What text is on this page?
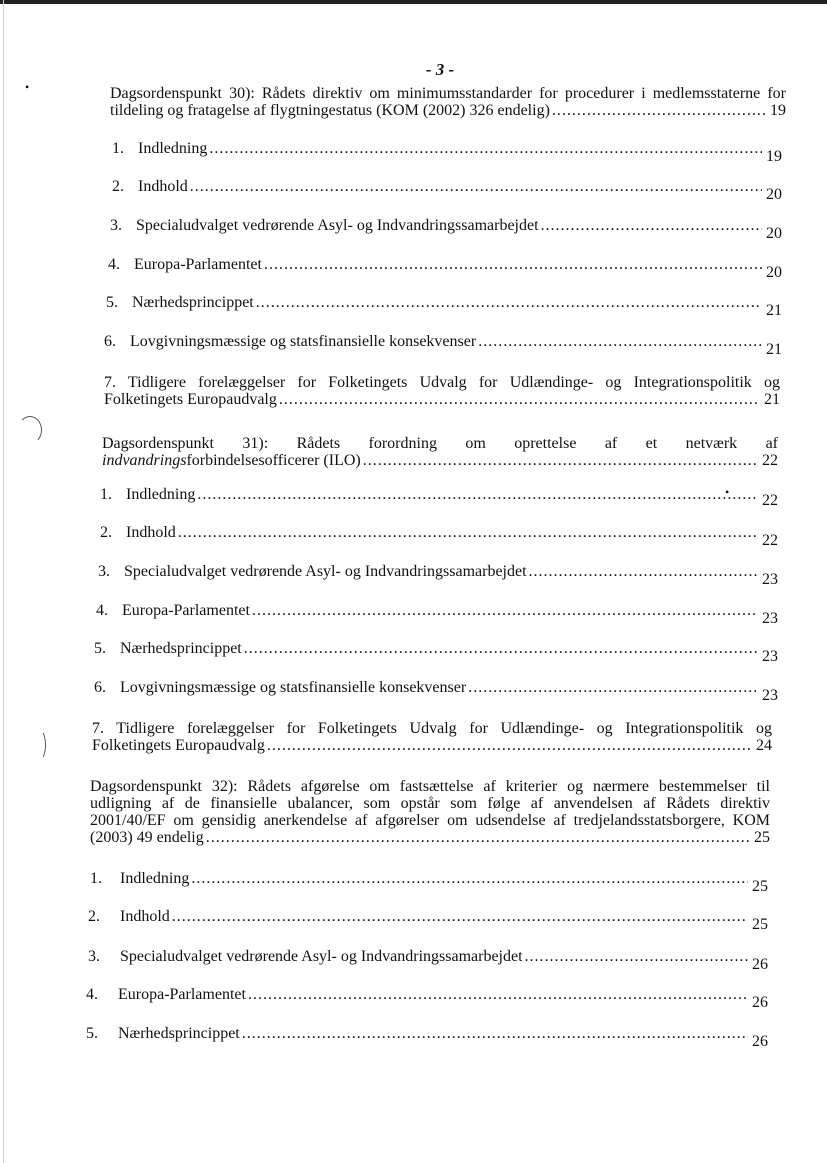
- 3 -
•	Dagsordenspunkt 30): Rådets direktiv om minimumsstandarder for procedurer i medlemsstaterne for
tildeling og fratagelse af flygtningestatus (KOM (2002) 326 endelig) .....	19
1. Indledning .....	19
2. Indhold .....	20
3. Specialudvalget vedrørende Asyl- og Indvandringssamarbejdet .....	20
4. Europa-Parlamentet .....	20
5. Nærhedsprincippet .....	21
6. Lovgivningsmæssige og statsfinansielle konsekvenser .....	21
7. Tidligere forelæggelser for Folketingets Udvalg for Udlændinge- og Integrationspolitik og
Folketingets Europaudvalg .....	21
Dagsordenspunkt 31): Rådets forordning om oprettelse af et netværk af
indvandringsforbindelsesofficerer (ILO) .....	22
•
1. Indledning .....	22
2. Indhold .....	22
3. Specialudvalget vedrørende Asyl- og Indvandringssamarbejdet .....	23
4. Europa-Parlamentet .....	23
5. Nærhedsprincippet .....	23
6. Lovgivningsmæssige og statsfinansielle konsekvenser .....	23
7. Tidligere forelæggelser for Folketingets Udvalg for Udlændinge- og Integrationspolitik og
Folketingets Europaudvalg .....	24
Dagsordenspunkt 32): Rådets afgørelse om fastsættelse af kriterier og nærmere bestemmelser til
udligning af de finansielle ubalancer, som opstår som følge af anvendelsen af Rådets direktiv
2001/40/EF om gensidig anerkendelse af afgørelser om udsendelse af tredjelandsstatsborgere, KOM
(2003) 49 endelig .....	25
1.	Indledning .....	25
2.	Indhold .....	25
3.	Specialudvalget vedrørende Asyl- og Indvandringssamarbejdet .....	26
4.	Europa-Parlamentet .....	26
5.	Nærhedsprincippet .....	26
